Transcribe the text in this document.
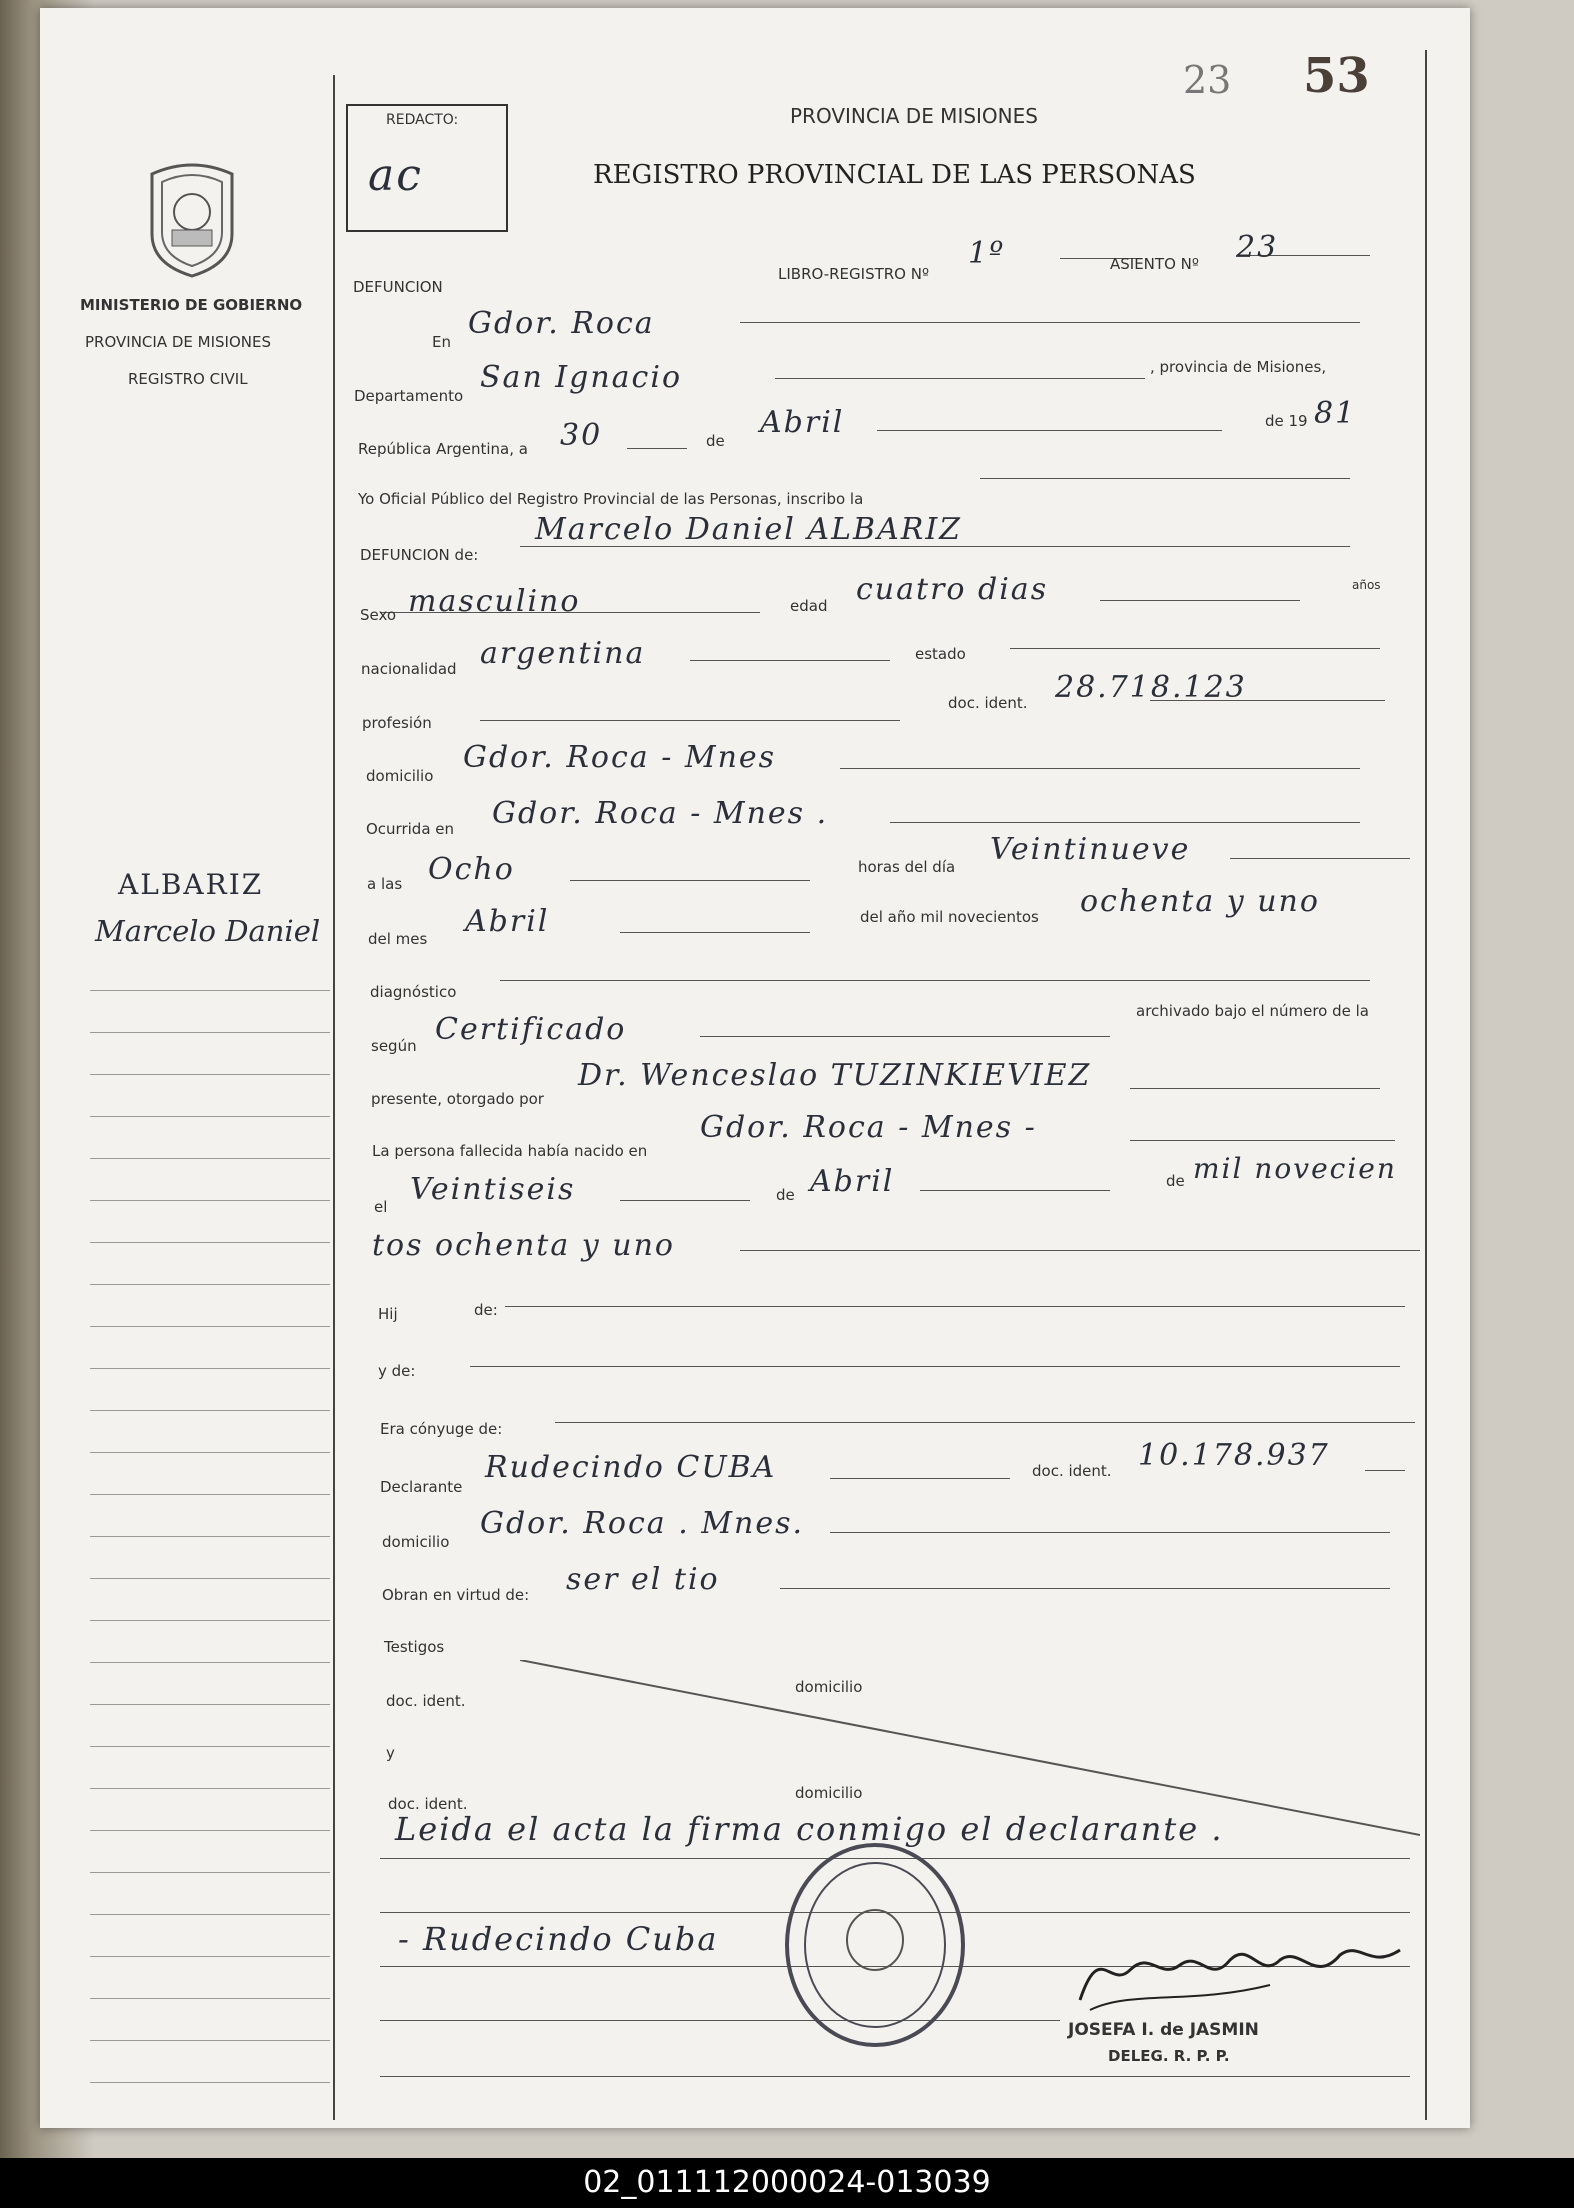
23 53
MINISTERIO DE GOBIERNO
PROVINCIA DE MISIONES
REGISTRO CIVIL
ALBARIZ
Marcelo Daniel
REDACTO:
ac
PROVINCIA DE MISIONES
REGISTRO PROVINCIAL DE LAS PERSONAS
DEFUNCION
LIBRO-REGISTRO Nº
1º	ASIENTO Nº 23
En
Gdor. Roca
Departamento
San Ignacio	, provincia de Misiones,
República Argentina, a 30	de
Abril	de 19 81
Yo Oficial Público del Registro Provincial de las Personas, inscribo la
DEFUNCION de:
Marcelo Daniel ALBARIZ
Sexo masculino	edad cuatro dias	años
nacionalidad argentina	estado
profesión
doc. ident. 28.718.123
domicilio
Gdor. Roca - Mnes
Ocurrida en Gdor. Roca - Mnes .
a las Ocho	horas del día Veintinueve
del mes Abril	del año mil novecientos ochenta y uno
diagnóstico
según Certificado
archivado bajo el número de la
presente, otorgado por
Dr. Wenceslao TUZINKIEVIEZ
La persona fallecida había nacido en
Gdor. Roca - Mnes -
el Veintiseis	de Abril	de mil novecien
tos ochenta y uno
Hij	de:
y de:
Era cónyuge de:
Declarante
Rudecindo CUBA	doc. ident. 10.178.937
domicilio
Gdor. Roca . Mnes.
Obran en virtud de: ser el tio
Testigos
doc. ident.
domicilio
y
doc. ident.
domicilio
Leida el acta la firma conmigo el declarante .
- Rudecindo Cuba
JOSEFA I. de JASMIN
DELEG. R. P. P.
02_011112000024-013039
